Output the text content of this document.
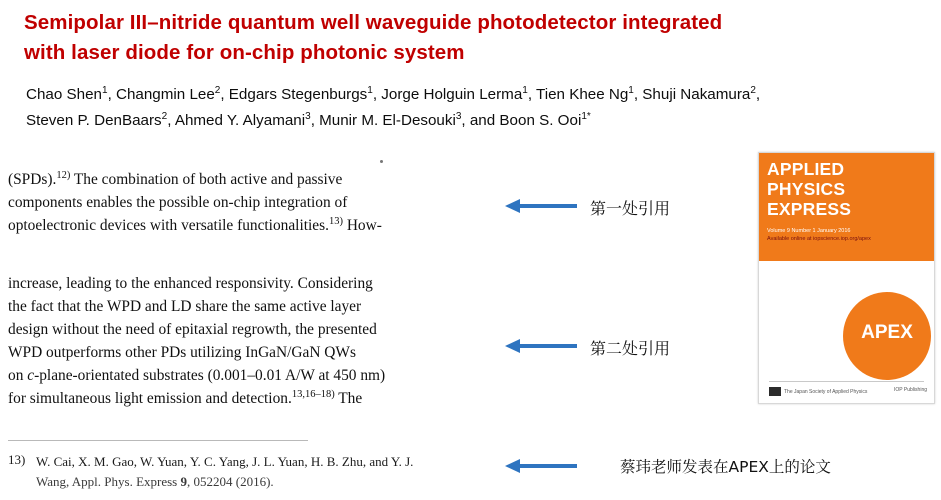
Semipolar III–nitride quantum well waveguide photodetector integrated with laser diode for on-chip photonic system
Chao Shen$^1$, Changmin Lee$^2$, Edgars Stegenburgs$^1$, Jorge Holguin Lerma$^1$, Tien Khee Ng$^1$, Shuji Nakamura$^2$,
Steven P. DenBaars$^2$, Ahmed Y. Alyamani$^3$, Munir M. El-Desouki$^3$, and Boon S. Ooi$^{1*}$
(SPDs).$^{12)}$ The combination of both active and passive
components enables the possible on-chip integration of
optoelectronic devices with versatile functionalities.$^{13)}$ How-
increase, leading to the enhanced responsivity. Considering
the fact that the WPD and LD share the same active layer
design without the need of epitaxial regrowth, the presented
WPD outperforms other PDs utilizing InGaN/GaN QWs
on c-plane-orientated substrates (0.001–0.01 A/W at 450 nm)
for simultaneous light emission and detection.$^{13,16-18)}$ The
13) W. Cai, X. M. Gao, W. Yuan, Y. C. Yang, J. L. Yuan, H. B. Zhu, and Y. J.
Wang, Appl. Phys. Express 9, 052204 (2016).
第一处引用
第二处引用
蔡玮老师发表在APEX上的论文
APPLIED
PHYSICS
EXPRESS
Volume 9 Number 1 January 2016
Available online at iopscience.iop.org/apex
APEX
The Japan Society of Applied Physics	IOP Publishing
